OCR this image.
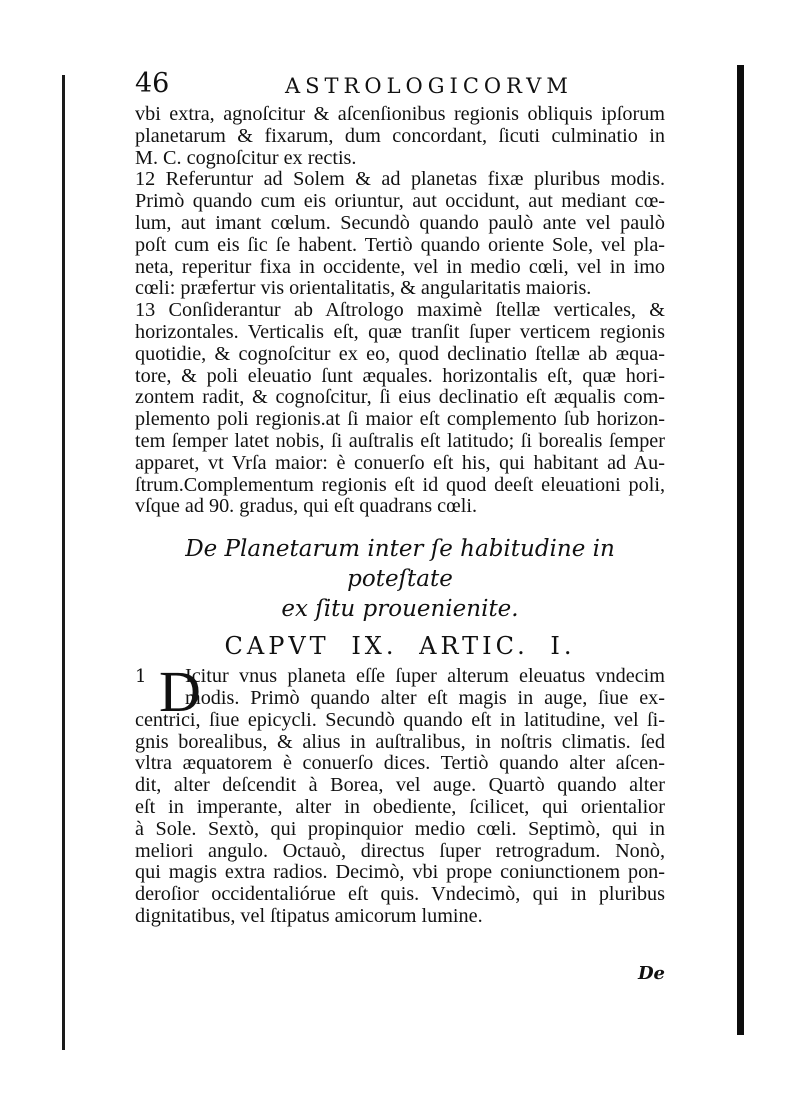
46	ASTROLOGICORVM
vbi extra, agnoſcitur & aſcenſionibus regionis obliquis ipſorum
planetarum & fixarum, dum concordant, ſicuti culminatio in
M. C. cognoſcitur ex rectis.
12 Referuntur ad Solem & ad planetas fixæ pluribus modis.
Primò quando cum eis oriuntur, aut occidunt, aut mediant cœ-
lum, aut imant cœlum. Secundò quando paulò ante vel paulò
poſt cum eis ſic ſe habent. Tertiò quando oriente Sole, vel pla-
neta, reperitur fixa in occidente, vel in medio cœli, vel in imo
cœli: præfertur vis orientalitatis, & angularitatis maioris.
13 Conſiderantur ab Aſtrologo maximè ſtellæ verticales, &
horizontales. Verticalis eſt, quæ tranſit ſuper verticem regionis
quotidie, & cognoſcitur ex eo, quod declinatio ſtellæ ab æqua-
tore, & poli eleuatio ſunt æquales. horizontalis eſt, quæ hori-
zontem radit, & cognoſcitur, ſi eius declinatio eſt æqualis com-
plemento poli regionis.at ſi maior eſt complemento ſub horizon-
tem ſemper latet nobis, ſi auſtralis eſt latitudo; ſi borealis ſemper
apparet, vt Vrſa maior: è conuerſo eſt his, qui habitant ad Au-
ſtrum.Complementum regionis eſt id quod deeſt eleuationi poli,
vſque ad 90. gradus, qui eſt quadrans cœli.
De Planetarum inter ſe habitudine in poteſtate
ex ſitu prouenienite.
CAPVT IX. ARTIC. I.
1 D
Icitur vnus planeta eſſe ſuper alterum eleuatus vndecim
modis. Primò quando alter eſt magis in auge, ſiue ex-
centrici, ſiue epicycli. Secundò quando eſt in latitudine, vel ſi-
gnis borealibus, & alius in auſtralibus, in noſtris climatis. ſed
vltra æquatorem è conuerſo dices. Tertiò quando alter aſcen-
dit, alter deſcendit à Borea, vel auge. Quartò quando alter
eſt in imperante, alter in obediente, ſcilicet, qui orientalior
à Sole. Sextò, qui propinquior medio cœli. Septimò, qui in
meliori angulo. Octauò, directus ſuper retrogradum. Nonò,
qui magis extra radios. Decimò, vbi prope coniunctionem pon-
deroſior occidentaliórue eſt quis. Vndecimò, qui in pluribus
dignitatibus, vel ſtipatus amicorum lumine.
De
